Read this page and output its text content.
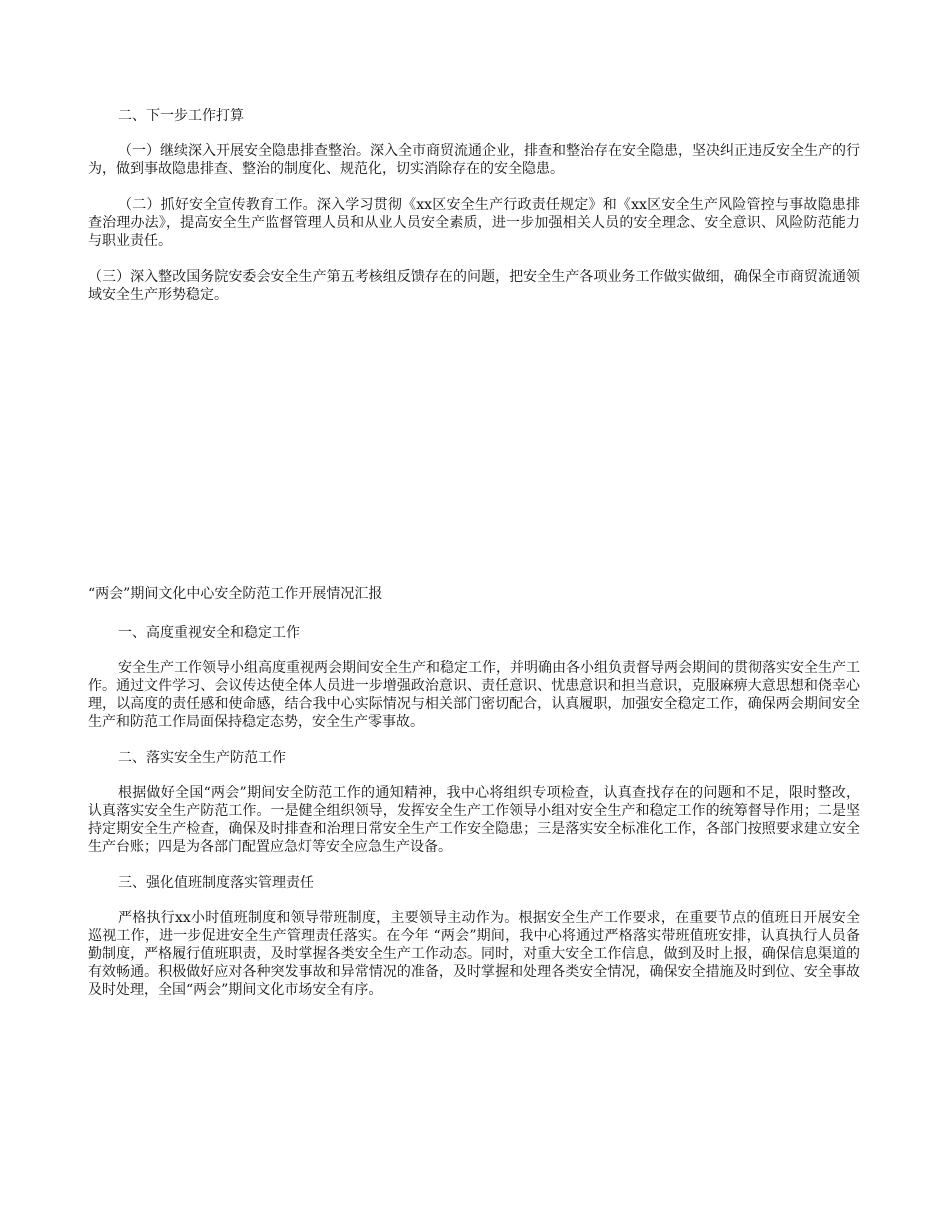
二、下一步工作打算
（一）继续深入开展安全隐患排查整治。深入全市商贸流通企业，排查和整治存在安全隐患，坚决纠正违反安全生产的行为，做到事故隐患排查、整治的制度化、规范化，切实消除存在的安全隐患。
（二）抓好安全宣传教育工作。深入学习贯彻《xx区安全生产行政责任规定》和《xx区安全生产风险管控与事故隐患排查治理办法》，提高安全生产监督管理人员和从业人员安全素质，进一步加强相关人员的安全理念、安全意识、风险防范能力与职业责任。
（三）深入整改国务院安委会安全生产第五考核组反馈存在的问题，把安全生产各项业务工作做实做细，确保全市商贸流通领域安全生产形势稳定。
“两会”期间文化中心安全防范工作开展情况汇报
一、高度重视安全和稳定工作
安全生产工作领导小组高度重视两会期间安全生产和稳定工作，并明确由各小组负责督导两会期间的贯彻落实安全生产工作。通过文件学习、会议传达使全体人员进一步增强政治意识、责任意识、忧患意识和担当意识，克服麻痹大意思想和侥幸心理，以高度的责任感和使命感，结合我中心实际情况与相关部门密切配合，认真履职，加强安全稳定工作，确保两会期间安全生产和防范工作局面保持稳定态势，安全生产零事故。
二、落实安全生产防范工作
根据做好全国“两会”期间安全防范工作的通知精神，我中心将组织专项检查，认真查找存在的问题和不足，限时整改，认真落实安全生产防范工作。一是健全组织领导，发挥安全生产工作领导小组对安全生产和稳定工作的统筹督导作用；二是坚持定期安全生产检查，确保及时排查和治理日常安全生产工作安全隐患；三是落实安全标准化工作，各部门按照要求建立安全生产台账；四是为各部门配置应急灯等安全应急生产设备。
三、强化值班制度落实管理责任
严格执行xx小时值班制度和领导带班制度，主要领导主动作为。根据安全生产工作要求，在重要节点的值班日开展安全巡视工作，进一步促进安全生产管理责任落实。在今年 “两会”期间，我中心将通过严格落实带班值班安排，认真执行人员备勤制度，严格履行值班职责，及时掌握各类安全生产工作动态。同时，对重大安全工作信息，做到及时上报，确保信息渠道的有效畅通。积极做好应对各种突发事故和异常情况的准备，及时掌握和处理各类安全情况，确保安全措施及时到位、安全事故及时处理，全国“两会”期间文化市场安全有序。
